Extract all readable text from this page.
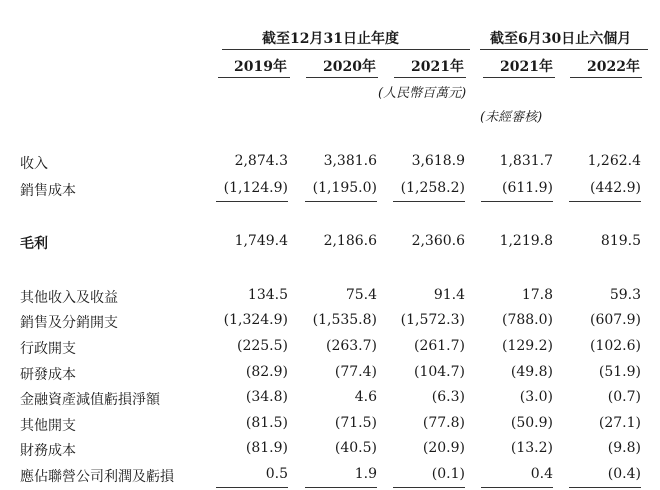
截至12月31日止年度	截至6月30日止六個月
2019年	2020年	2021年	2021年	2022年
(人民幣百萬元)
(未經審核)
收入	2,874.3	3,381.6	3,618.9	1,831.7	1,262.4
銷售成本	(1,124.9)	(1,195.0)	(1,258.2)	(611.9)	(442.9)
毛利	1,749.4	2,186.6	2,360.6	1,219.8	819.5
其他收入及收益	134.5	75.4	91.4	17.8	59.3
銷售及分銷開支	(1,324.9)	(1,535.8)	(1,572.3)	(788.0)	(607.9)
行政開支	(225.5)	(263.7)	(261.7)	(129.2)	(102.6)
研發成本	(82.9)	(77.4)	(104.7)	(49.8)	(51.9)
金融資產減值虧損淨額	(34.8)	4.6	(6.3)	(3.0)	(0.7)
其他開支	(81.5)	(71.5)	(77.8)	(50.9)	(27.1)
財務成本	(81.9)	(40.5)	(20.9)	(13.2)	(9.8)
應佔聯營公司利潤及虧損	0.5	1.9	(0.1)	0.4	(0.4)
